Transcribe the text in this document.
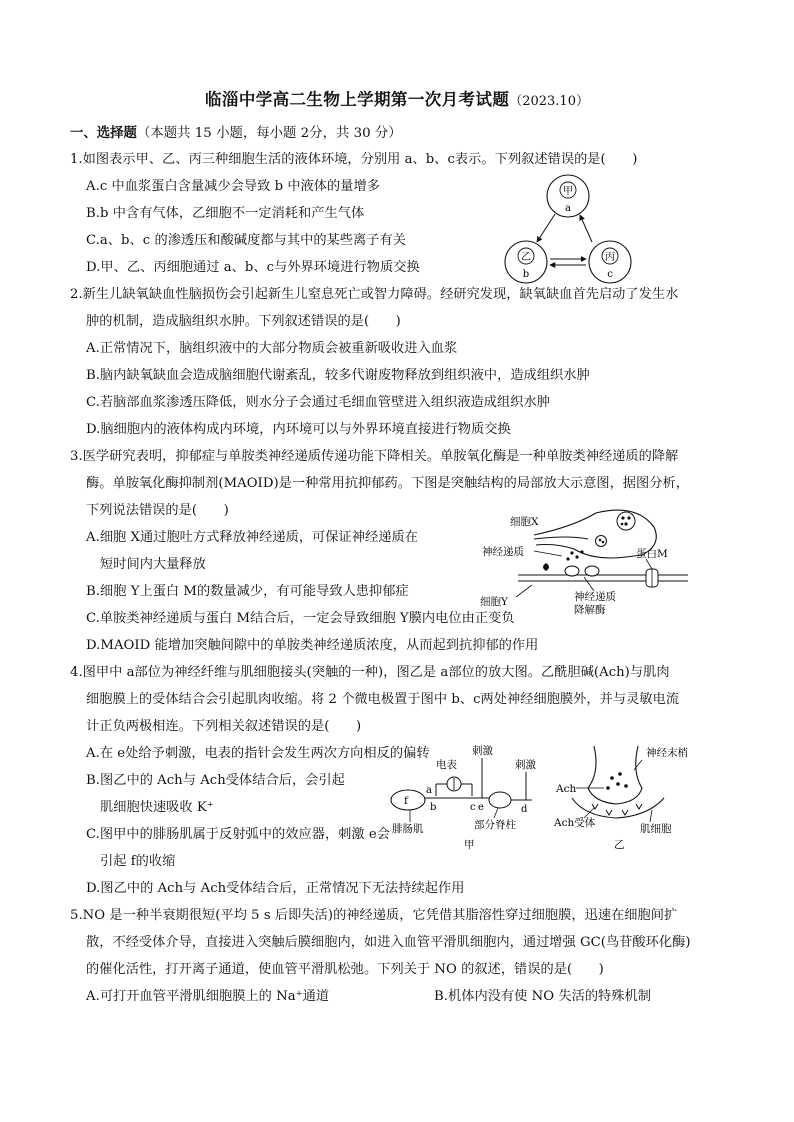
临淄中学高二生物上学期第一次月考试题（2023.10）
一、选择题（本题共 15 小题，每小题 2分，共 30 分）
1.如图表示甲、乙、丙三种细胞生活的液体环境，分别用 a、b、c表示。下列叙述错误的是(　　)
A.c 中血浆蛋白含量减少会导致 b 中液体的量增多
B.b 中含有气体，乙细胞不一定消耗和产生气体
C.a、b、c 的渗透压和酸碱度都与其中的某些离子有关
D.甲、乙、丙细胞通过 a、b、c与外界环境进行物质交换
甲
a
乙
b
丙
c
2.新生儿缺氧缺血性脑损伤会引起新生儿窒息死亡或智力障碍。经研究发现，缺氧缺血首先启动了发生水
肿的机制，造成脑组织水肿。下列叙述错误的是(　　)
A.正常情况下，脑组织液中的大部分物质会被重新吸收进入血浆
B.脑内缺氧缺血会造成脑细胞代谢紊乱，较多代谢废物释放到组织液中，造成组织水肿
C.若脑部血浆渗透压降低，则水分子会通过毛细血管壁进入组织液造成组织水肿
D.脑细胞内的液体构成内环境，内环境可以与外界环境直接进行物质交换
3.医学研究表明，抑郁症与单胺类神经递质传递功能下降相关。单胺氧化酶是一种单胺类神经递质的降解
酶。单胺氧化酶抑制剂(MAOID)是一种常用抗抑郁药。下图是突触结构的局部放大示意图，据图分析，
下列说法错误的是(　　)
A.细胞 X通过胞吐方式释放神经递质，可保证神经递质在
短时间内大量释放
B.细胞 Y上蛋白 M的数量减少，有可能导致人患抑郁症
C.单胺类神经递质与蛋白 M结合后，一定会导致细胞 Y膜内电位由正变负
D.MAOID 能增加突触间隙中的单胺类神经递质浓度，从而起到抗抑郁的作用
细胞X
神经递质	蛋白M
细胞Y	神经递质
降解酶
4.图甲中 a部位为神经纤维与肌细胞接头(突触的一种)，图乙是 a部位的放大图。乙酰胆碱(Ach)与肌肉
细胞膜上的受体结合会引起肌肉收缩。将 2 个微电极置于图中 b、c两处神经细胞膜外，并与灵敏电流
计正负两极相连。下列相关叙述错误的是(　　)
A.在 e处给予刺激，电表的指针会发生两次方向相反的偏转
B.图乙中的 Ach与 Ach受体结合后，会引起
肌细胞快速吸收 K⁺
C.图甲中的腓肠肌属于反射弧中的效应器，刺激 e会
引起 f的收缩
D.图乙中的 Ach与 Ach受体结合后，正常情况下无法持续起作用
刺激
电表
f
a
b	c e
刺激
d
腓肠肌	部分脊柱
甲
神经末梢
Ach
Ach受体	肌细胞
乙
5.NO 是一种半衰期很短(平均 5 s 后即失活)的神经递质，它凭借其脂溶性穿过细胞膜，迅速在细胞间扩
散，不经受体介导，直接进入突触后膜细胞内，如进入血管平滑肌细胞内，通过增强 GC(鸟苷酸环化酶)
的催化活性，打开离子通道，使血管平滑肌松弛。下列关于 NO 的叙述，错误的是(　　)
A.可打开血管平滑肌细胞膜上的 Na⁺通道	B.机体内没有使 NO 失活的特殊机制
